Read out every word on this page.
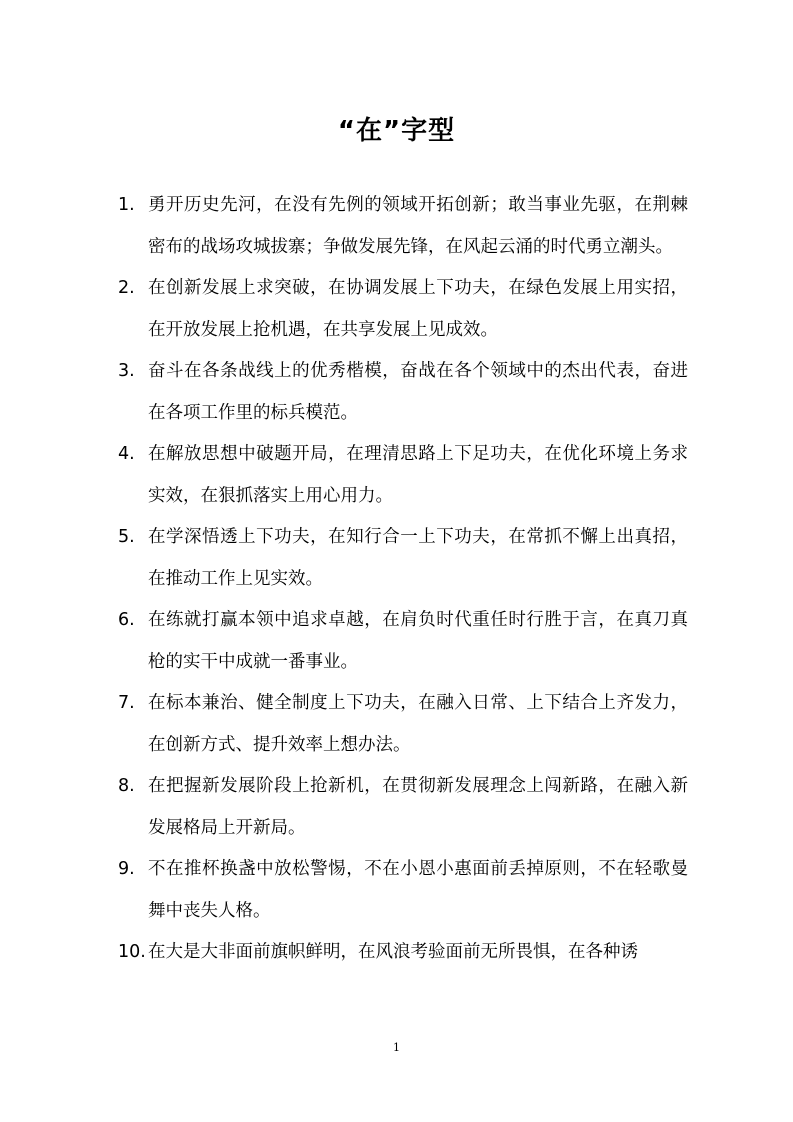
“在”字型
1. 勇开历史先河，在没有先例的领域开拓创新；敢当事业先驱，在荆棘密布的战场攻城拔寨；争做发展先锋，在风起云涌的时代勇立潮头。
2. 在创新发展上求突破，在协调发展上下功夫，在绿色发展上用实招，在开放发展上抢机遇，在共享发展上见成效。
3. 奋斗在各条战线上的优秀楷模，奋战在各个领域中的杰出代表，奋进在各项工作里的标兵模范。
4. 在解放思想中破题开局，在理清思路上下足功夫，在优化环境上务求实效，在狠抓落实上用心用力。
5. 在学深悟透上下功夫，在知行合一上下功夫，在常抓不懈上出真招，在推动工作上见实效。
6. 在练就打赢本领中追求卓越，在肩负时代重任时行胜于言，在真刀真枪的实干中成就一番事业。
7. 在标本兼治、健全制度上下功夫，在融入日常、上下结合上齐发力，在创新方式、提升效率上想办法。
8. 在把握新发展阶段上抢新机，在贯彻新发展理念上闯新路，在融入新发展格局上开新局。
9. 不在推杯换盏中放松警惕，不在小恩小惠面前丢掉原则，不在轻歌曼舞中丧失人格。
10. 在大是大非面前旗帜鲜明，在风浪考验面前无所畏惧，在各种诱
1
